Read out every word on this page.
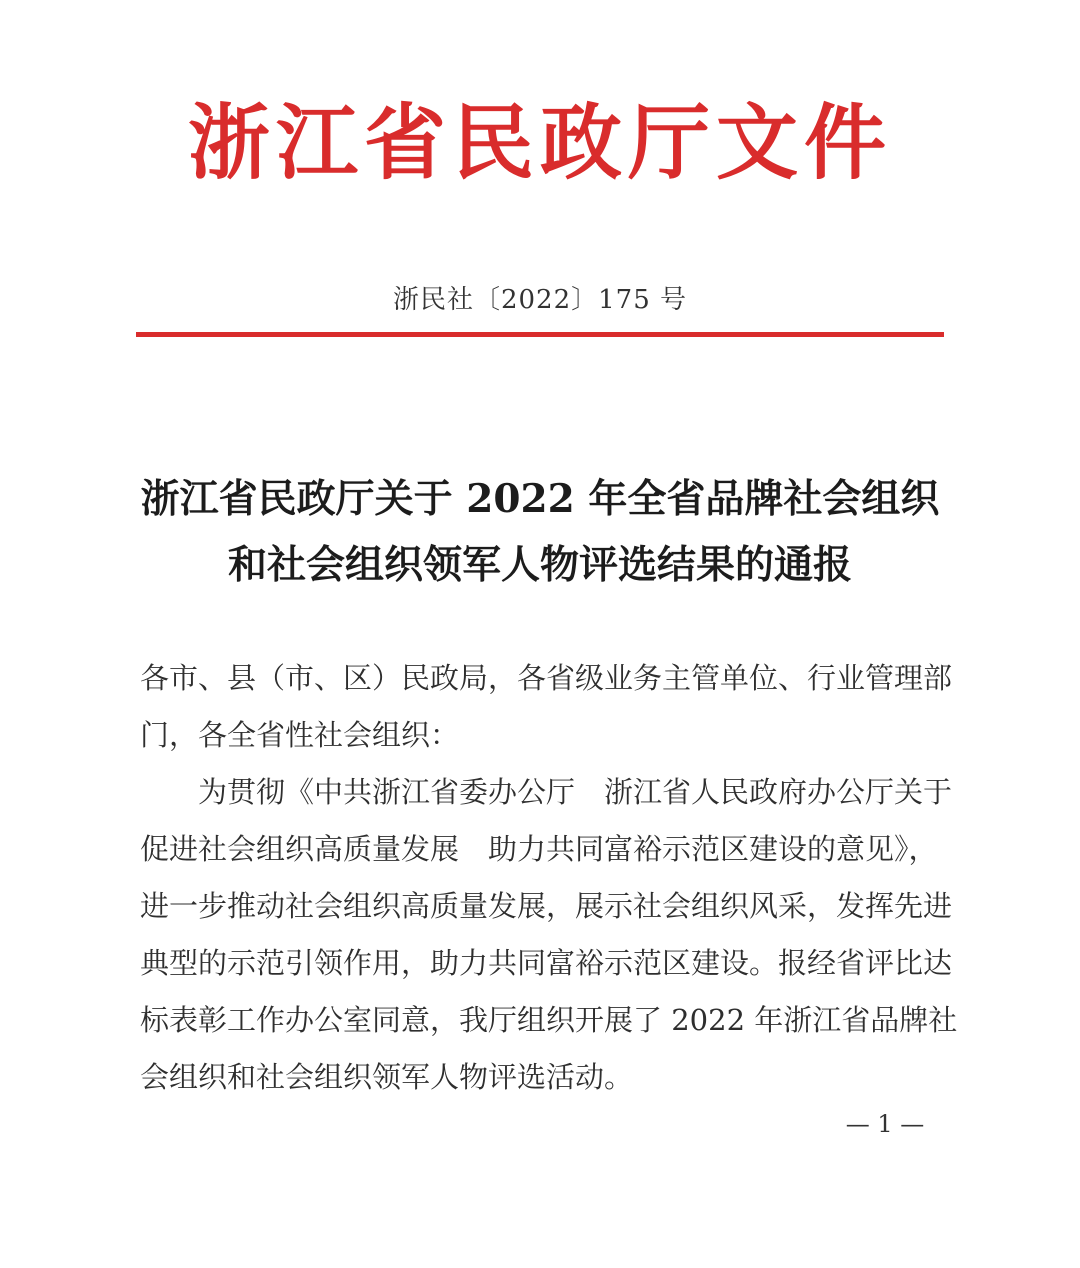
浙江省民政厅文件
浙民社〔2022〕175 号
浙江省民政厅关于 2022 年全省品牌社会组织
和社会组织领军人物评选结果的通报
各市、县（市、区）民政局，各省级业务主管单位、行业管理部
门，各全省性社会组织：
为贯彻《中共浙江省委办公厅　浙江省人民政府办公厅关于
促进社会组织高质量发展　助力共同富裕示范区建设的意见》，
进一步推动社会组织高质量发展，展示社会组织风采，发挥先进
典型的示范引领作用，助力共同富裕示范区建设。报经省评比达
标表彰工作办公室同意，我厅组织开展了 2022 年浙江省品牌社
会组织和社会组织领军人物评选活动。
— 1 —
